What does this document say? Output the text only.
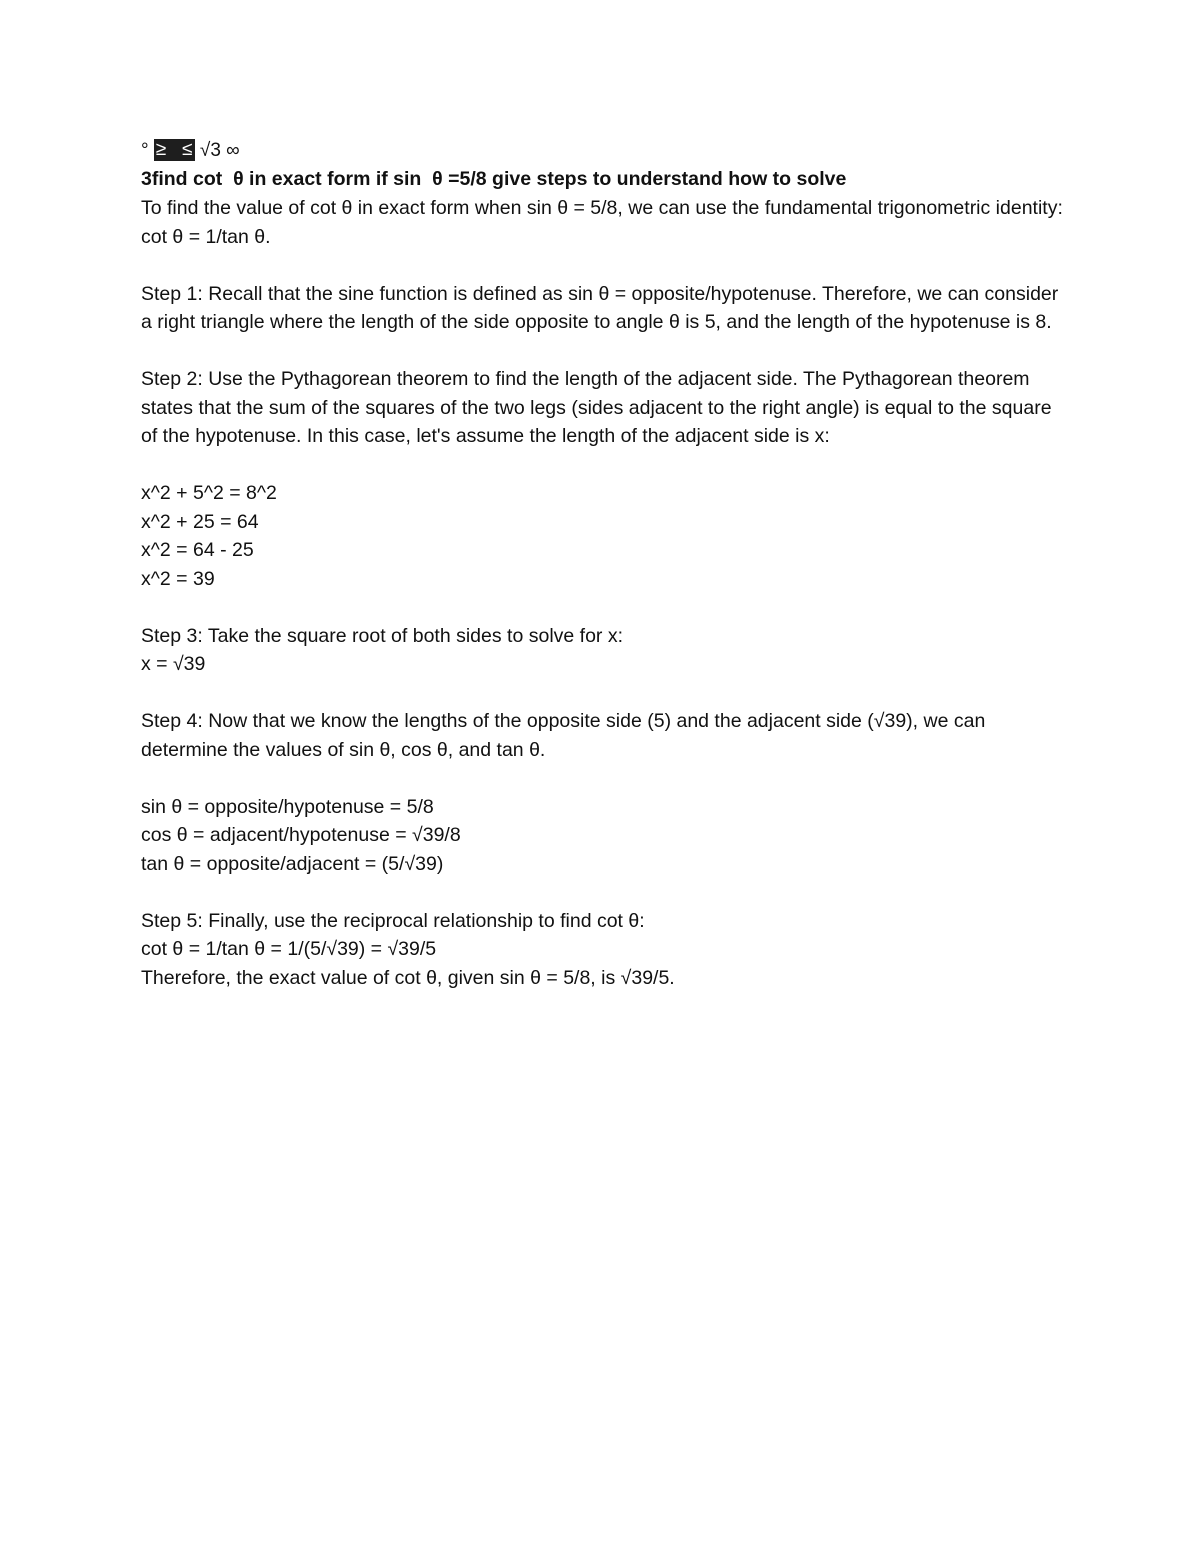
° ≥ ≤ √3 ∞
3find cot  θ in exact form if sin  θ =5/8 give steps to understand how to solve

To find the value of cot θ in exact form when sin θ = 5/8, we can use the fundamental trigonometric identity: cot θ = 1/tan θ.

Step 1: Recall that the sine function is defined as sin θ = opposite/hypotenuse. Therefore, we can consider a right triangle where the length of the side opposite to angle θ is 5, and the length of the hypotenuse is 8.

Step 2: Use the Pythagorean theorem to find the length of the adjacent side. The Pythagorean theorem states that the sum of the squares of the two legs (sides adjacent to the right angle) is equal to the square of the hypotenuse. In this case, let's assume the length of the adjacent side is x:

x^2 + 5^2 = 8^2
x^2 + 25 = 64
x^2 = 64 - 25
x^2 = 39
Step 3: Take the square root of both sides to solve for x:
x = √39

Step 4: Now that we know the lengths of the opposite side (5) and the adjacent side (√39), we can determine the values of sin θ, cos θ, and tan θ.

sin θ = opposite/hypotenuse = 5/8
cos θ = adjacent/hypotenuse = √39/8
tan θ = opposite/adjacent = (5/√39)
Step 5: Finally, use the reciprocal relationship to find cot θ:
cot θ = 1/tan θ = 1/(5/√39) = √39/5
Therefore, the exact value of cot θ, given sin θ = 5/8, is √39/5.
